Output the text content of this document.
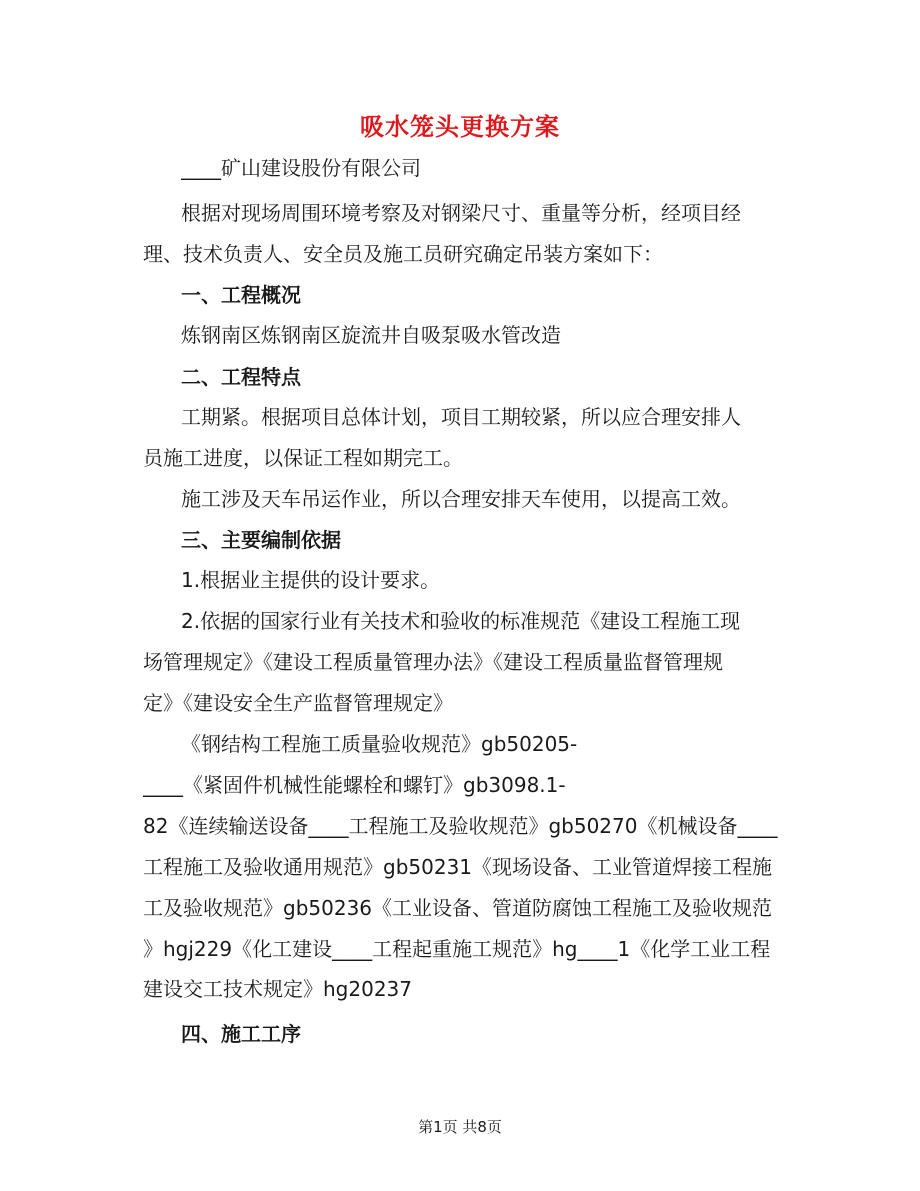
吸水笼头更换方案
____矿山建设股份有限公司
根据对现场周围环境考察及对钢梁尺寸、重量等分析，经项目经
理、技术负责人、安全员及施工员研究确定吊装方案如下：
一、工程概况
炼钢南区炼钢南区旋流井自吸泵吸水管改造
二、工程特点
工期紧。根据项目总体计划，项目工期较紧，所以应合理安排人
员施工进度，以保证工程如期完工。
施工涉及天车吊运作业，所以合理安排天车使用，以提高工效。
三、主要编制依据
1.根据业主提供的设计要求。
2.依据的国家行业有关技术和验收的标准规范《建设工程施工现
场管理规定》《建设工程质量管理办法》《建设工程质量监督管理规
定》《建设安全生产监督管理规定》
《钢结构工程施工质量验收规范》gb50205-
____《紧固件机械性能螺栓和螺钉》gb3098.1-
82《连续输送设备____工程施工及验收规范》gb50270《机械设备____
工程施工及验收通用规范》gb50231《现场设备、工业管道焊接工程施
工及验收规范》gb50236《工业设备、管道防腐蚀工程施工及验收规范
》hgj229《化工建设____工程起重施工规范》hg____1《化学工业工程
建设交工技术规定》hg20237
四、施工工序
第1页 共8页
